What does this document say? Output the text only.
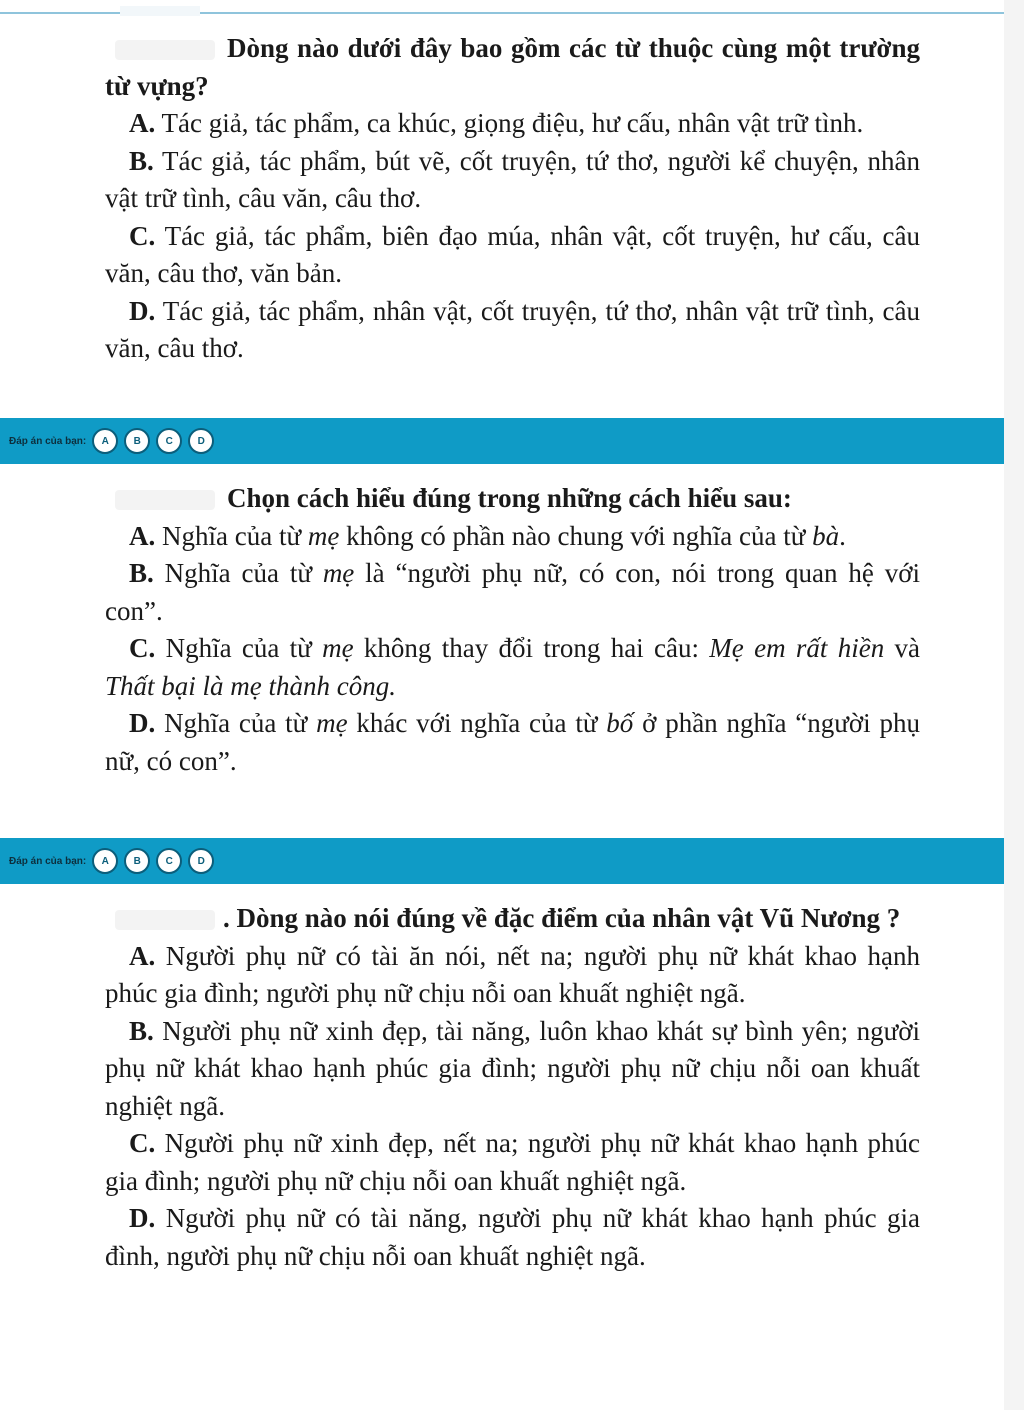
Dòng nào dưới đây bao gồm các từ thuộc cùng một trường từ vựng?
A. Tác giả, tác phẩm, ca khúc, giọng điệu, hư cấu, nhân vật trữ tình.
B. Tác giả, tác phẩm, bút vẽ, cốt truyện, tứ thơ, người kể chuyện, nhân vật trữ tình, câu văn, câu thơ.
C. Tác giả, tác phẩm, biên đạo múa, nhân vật, cốt truyện, hư cấu, câu văn, câu thơ, văn bản.
D. Tác giả, tác phẩm, nhân vật, cốt truyện, tứ thơ, nhân vật trữ tình, câu văn, câu thơ.
Đáp án của bạn:	A	B	C	D
Chọn cách hiểu đúng trong những cách hiểu sau:
A. Nghĩa của từ mẹ không có phần nào chung với nghĩa của từ bà.
B. Nghĩa của từ mẹ là “người phụ nữ, có con, nói trong quan hệ với con”.
C. Nghĩa của từ mẹ không thay đổi trong hai câu: Mẹ em rất hiền và Thất bại là mẹ thành công.
D. Nghĩa của từ mẹ khác với nghĩa của từ bố ở phần nghĩa “người phụ nữ, có con”.
Đáp án của bạn:	A	B	C	D
. Dòng nào nói đúng về đặc điểm của nhân vật Vũ Nương ?
A. Người phụ nữ có tài ăn nói, nết na; người phụ nữ khát khao hạnh phúc gia đình; người phụ nữ chịu nỗi oan khuất nghiệt ngã.
B. Người phụ nữ xinh đẹp, tài năng, luôn khao khát sự bình yên; người phụ nữ khát khao hạnh phúc gia đình; người phụ nữ chịu nỗi oan khuất nghiệt ngã.
C. Người phụ nữ xinh đẹp, nết na; người phụ nữ khát khao hạnh phúc gia đình; người phụ nữ chịu nỗi oan khuất nghiệt ngã.
D. Người phụ nữ có tài năng, người phụ nữ khát khao hạnh phúc gia đình, người phụ nữ chịu nỗi oan khuất nghiệt ngã.
